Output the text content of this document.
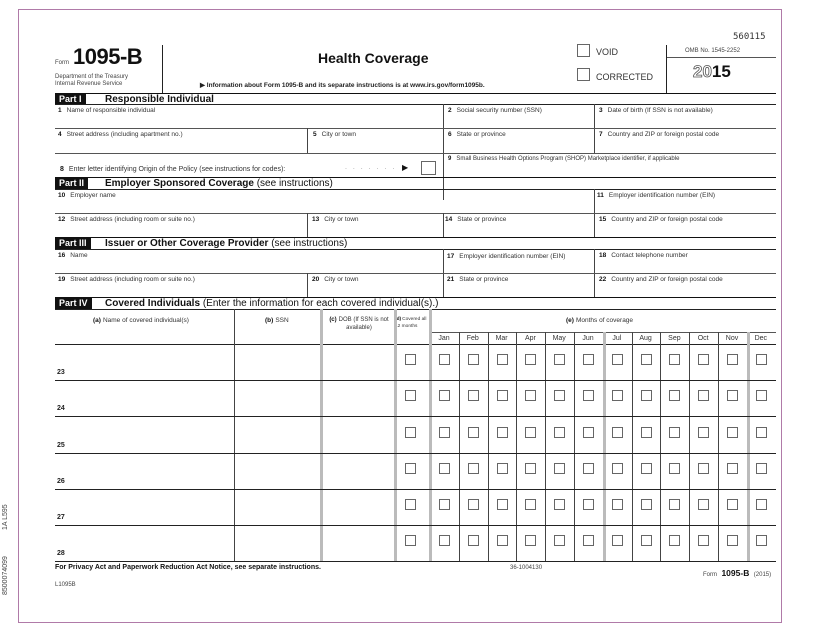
1A L595
8500074099
Form 1095-B
Department of the Treasury
Internal Revenue Service
Health Coverage
▶ Information about Form 1095-B and its separate instructions is at www.irs.gov/form1095b.
560115
VOID
CORRECTED
OMB No. 1545-2252
2015
Part I	Responsible Individual
1 Name of responsible individual	2 Social security number (SSN)	3 Date of birth (If SSN is not available)
4 Street address (including apartment no.)	5 City or town	6 State or province	7 Country and ZIP or foreign postal code
8 Enter letter identifying Origin of the Policy (see instructions for codes):	. . . . . . . ▶
9 Small Business Health Options Program (SHOP) Marketplace identifier, if applicable
Part II	Employer Sponsored Coverage (see instructions)
10 Employer name	11 Employer identification number (EIN)
12 Street address (including room or suite no.)	13 City or town	14 State or province	15 Country and ZIP or foreign postal code
Part III	Issuer or Other Coverage Provider (see instructions)
16 Name	17 Employer identification number (EIN)	18 Contact telephone number
19 Street address (including room or suite no.)	20 City or town	21 State or province	22 Country and ZIP or foreign postal code
Part IV	Covered Individuals (Enter the information for each covered individual(s).)
(a) Name of covered individual(s)	(b) SSN	(c) DOB (If SSN is not available)
(d)Covered all 12 months
(e) Months of coverage
Jan	Feb	Mar	Apr	May	Jun	Jul	Aug	Sep	Oct	Nov	Dec
23
24
25
26
27
28
For Privacy Act and Paperwork Reduction Act Notice, see separate instructions.	36-1004130
Form 1095-B (2015)
L1095B
